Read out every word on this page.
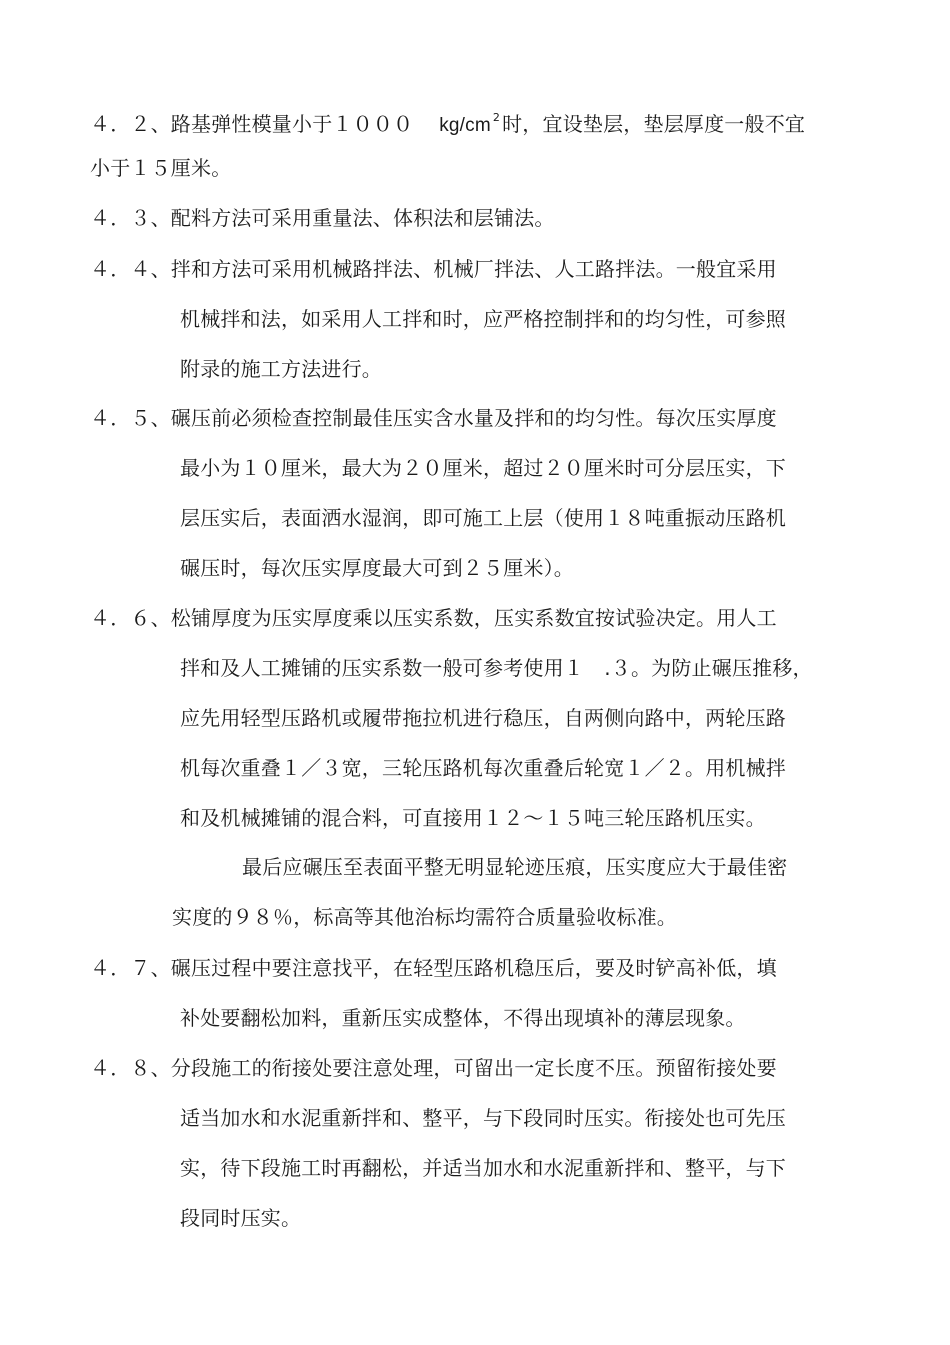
４．２、路基弹性模量小于１０００ kg/cm $^2$ 时，宜设垫层，垫层厚度一般不宜
小于１５厘米。
４．３、配料方法可采用重量法、体积法和层铺法。
４．４、拌和方法可采用机械路拌法、机械厂拌法、人工路拌法。一般宜采用
机械拌和法，如采用人工拌和时，应严格控制拌和的均匀性，可参照
附录的施工方法进行。
４．５、碾压前必须检查控制最佳压实含水量及拌和的均匀性。每次压实厚度
最小为１０厘米，最大为２０厘米，超过２０厘米时可分层压实，下
层压实后，表面洒水湿润，即可施工上层（使用１８吨重振动压路机
碾压时，每次压实厚度最大可到２５厘米）。
４．６、松铺厚度为压实厚度乘以压实系数，压实系数宜按试验决定。用人工
拌和及人工摊铺的压实系数一般可参考使用１　.３。为防止碾压推移，
应先用轻型压路机或履带拖拉机进行稳压，自两侧向路中，两轮压路
机每次重叠１／３宽，三轮压路机每次重叠后轮宽１／２。用机械拌
和及机械摊铺的混合料，可直接用１２～１５吨三轮压路机压实。
最后应碾压至表面平整无明显轮迹压痕，压实度应大于最佳密
实度的９８％，标高等其他治标均需符合质量验收标准。
４．７、碾压过程中要注意找平，在轻型压路机稳压后，要及时铲高补低，填
补处要翻松加料，重新压实成整体，不得出现填补的薄层现象。
４．８、分段施工的衔接处要注意处理，可留出一定长度不压。预留衔接处要
适当加水和水泥重新拌和、整平，与下段同时压实。衔接处也可先压
实，待下段施工时再翻松，并适当加水和水泥重新拌和、整平，与下
段同时压实。
